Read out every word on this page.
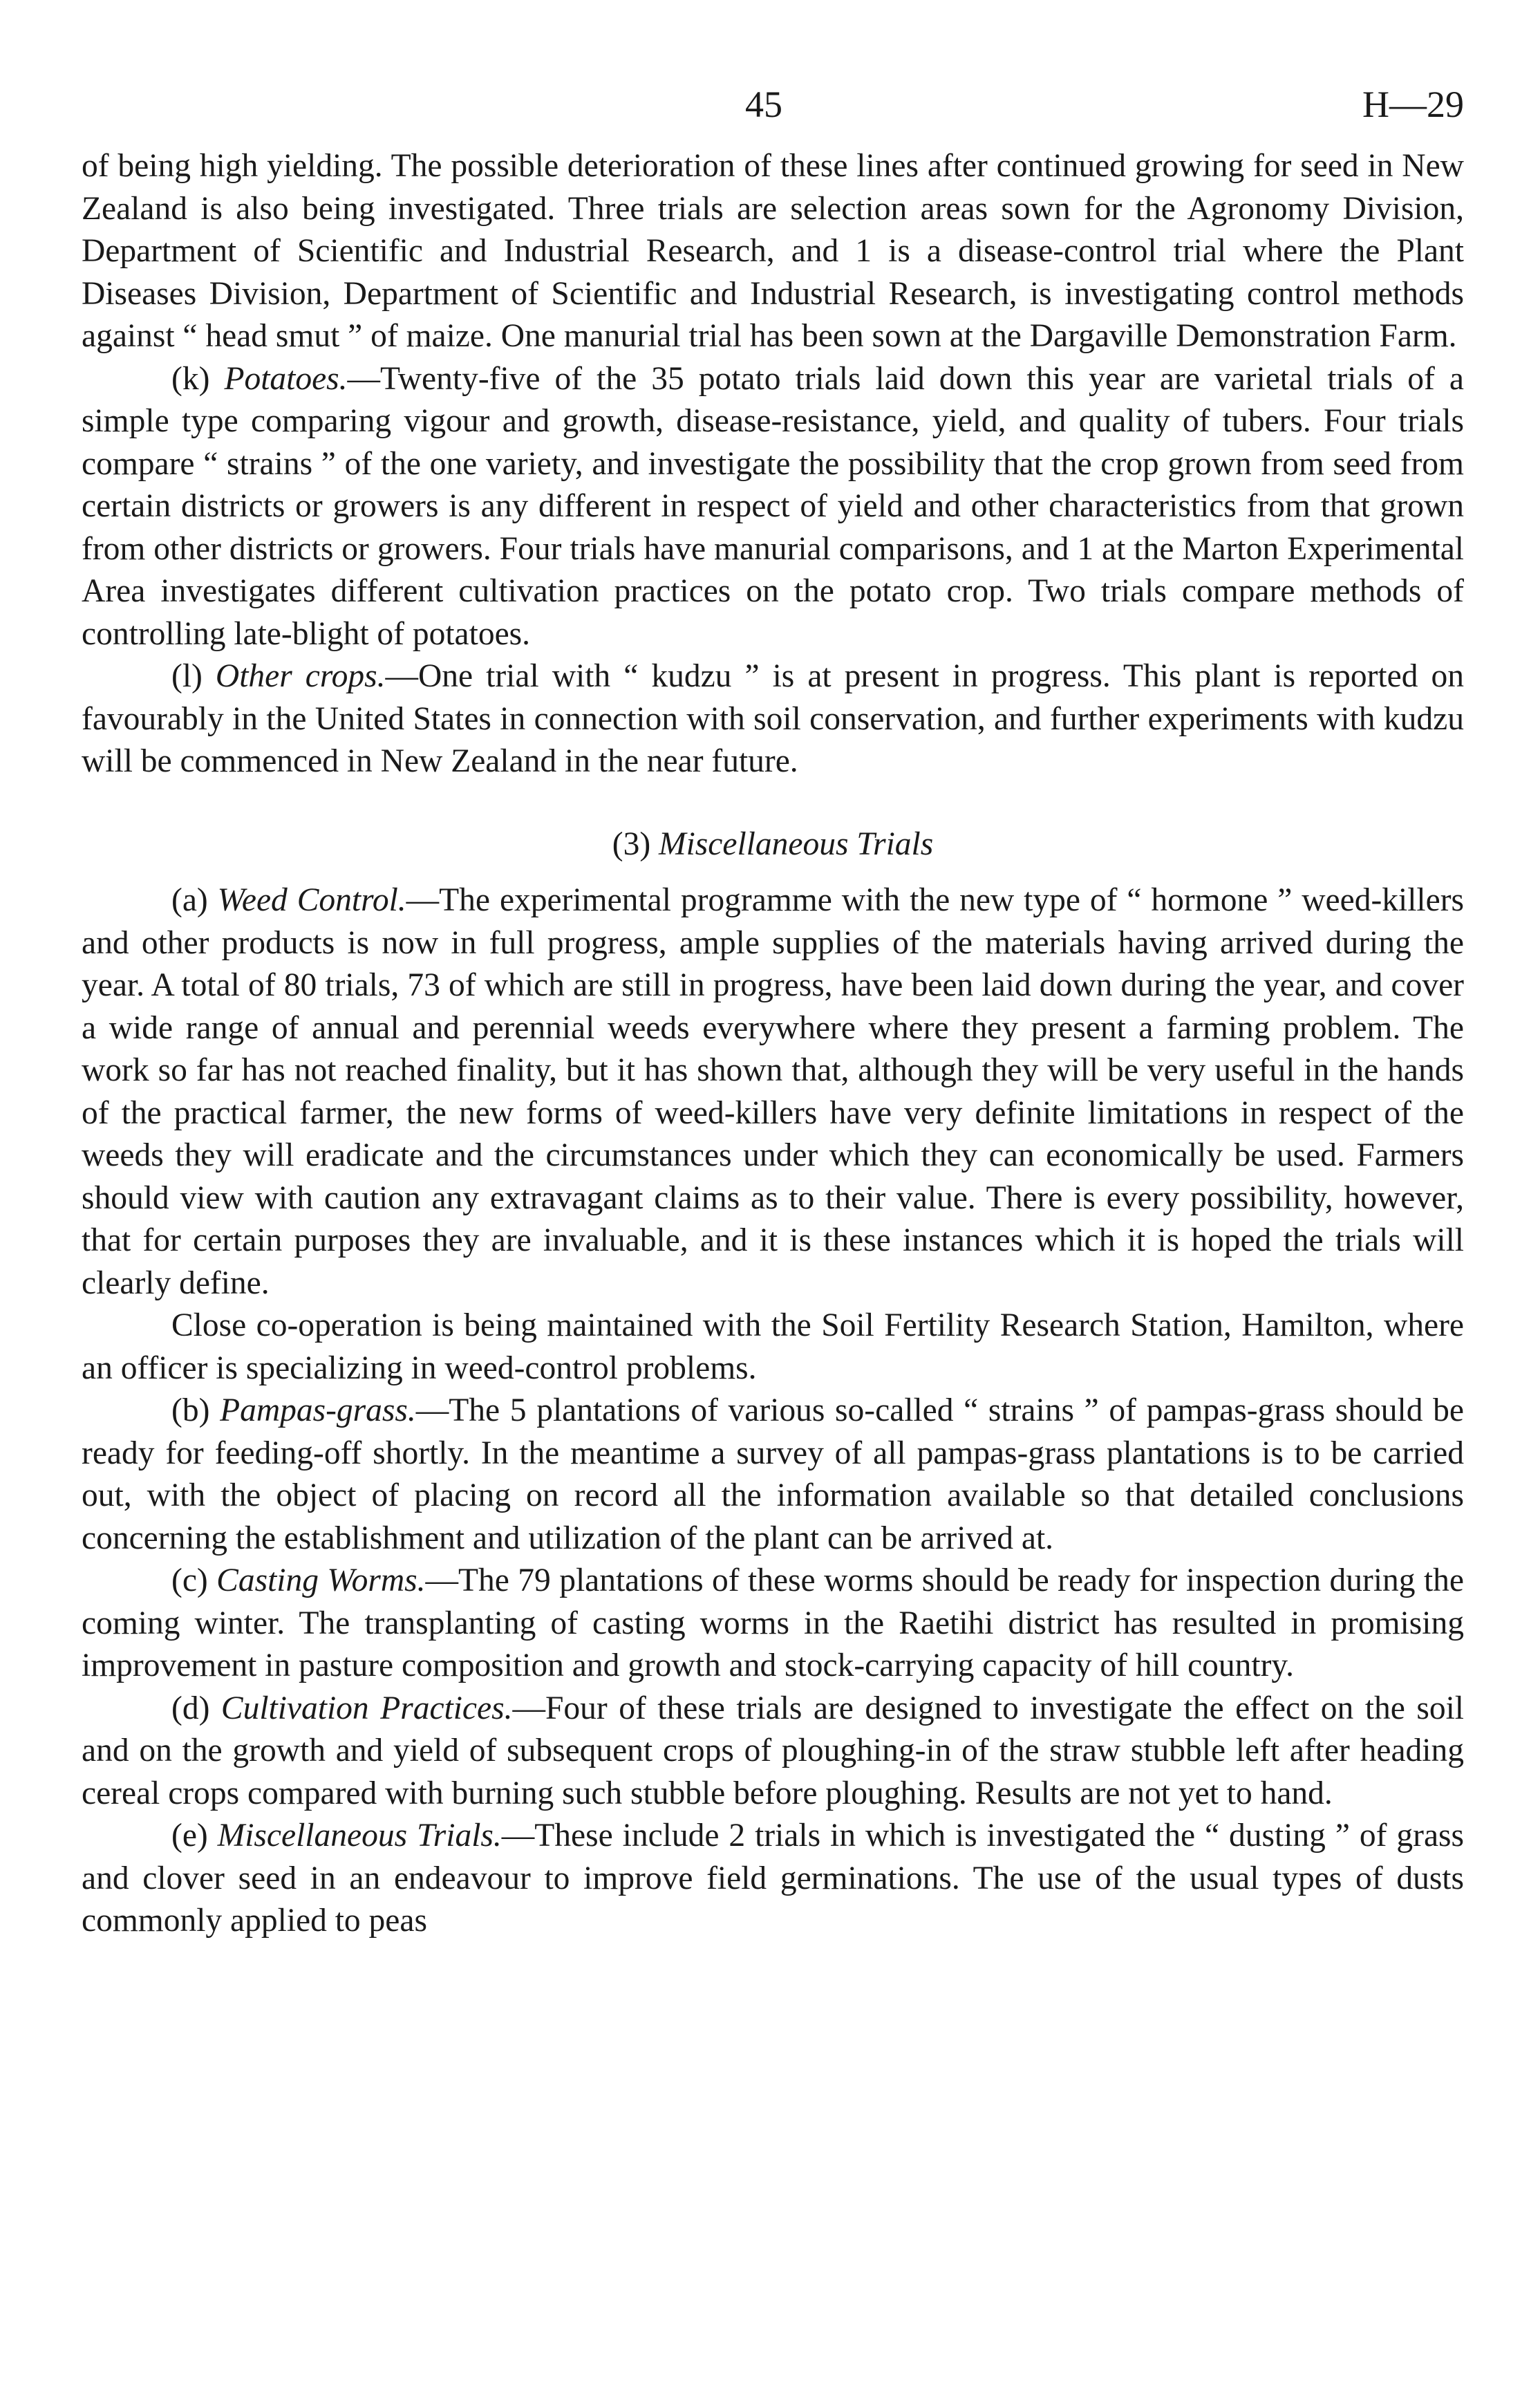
45	H—29

of being high yielding. The possible deterioration of these lines after continued growing for seed in New Zealand is also being investigated. Three trials are selection areas sown for the Agronomy Division, Department of Scientific and Industrial Research, and 1 is a disease-control trial where the Plant Diseases Division, Department of Scientific and Industrial Research, is investigating control methods against “ head smut ” of maize. One manurial trial has been sown at the Dargaville Demonstration Farm.

(k) Potatoes.—Twenty-five of the 35 potato trials laid down this year are varietal trials of a simple type comparing vigour and growth, disease-resistance, yield, and quality of tubers. Four trials compare “ strains ” of the one variety, and investigate the possibility that the crop grown from seed from certain districts or growers is any different in respect of yield and other characteristics from that grown from other districts or growers. Four trials have manurial comparisons, and 1 at the Marton Experimental Area investigates different cultivation practices on the potato crop. Two trials compare methods of controlling late-blight of potatoes.

(l) Other crops.—One trial with “ kudzu ” is at present in progress. This plant is reported on favourably in the United States in connection with soil conservation, and further experiments with kudzu will be commenced in New Zealand in the near future.

(3) Miscellaneous Trials

(a) Weed Control.—The experimental programme with the new type of “ hormone ” weed-killers and other products is now in full progress, ample supplies of the materials having arrived during the year. A total of 80 trials, 73 of which are still in progress, have been laid down during the year, and cover a wide range of annual and perennial weeds everywhere where they present a farming problem. The work so far has not reached finality, but it has shown that, although they will be very useful in the hands of the practical farmer, the new forms of weed-killers have very definite limitations in respect of the weeds they will eradicate and the circumstances under which they can economically be used. Farmers should view with caution any extravagant claims as to their value. There is every possibility, however, that for certain purposes they are invaluable, and it is these instances which it is hoped the trials will clearly define.

Close co-operation is being maintained with the Soil Fertility Research Station, Hamilton, where an officer is specializing in weed-control problems.

(b) Pampas-grass.—The 5 plantations of various so-called “ strains ” of pampas-grass should be ready for feeding-off shortly. In the meantime a survey of all pampas-grass plantations is to be carried out, with the object of placing on record all the information available so that detailed conclusions concerning the establishment and utilization of the plant can be arrived at.

(c) Casting Worms.—The 79 plantations of these worms should be ready for inspection during the coming winter. The transplanting of casting worms in the Raetihi district has resulted in promising improvement in pasture composition and growth and stock-carrying capacity of hill country.

(d) Cultivation Practices.—Four of these trials are designed to investigate the effect on the soil and on the growth and yield of subsequent crops of ploughing-in of the straw stubble left after heading cereal crops compared with burning such stubble before ploughing. Results are not yet to hand.

(e) Miscellaneous Trials.—These include 2 trials in which is investigated the “ dusting ” of grass and clover seed in an endeavour to improve field germinations. The use of the usual types of dusts commonly applied to peas
